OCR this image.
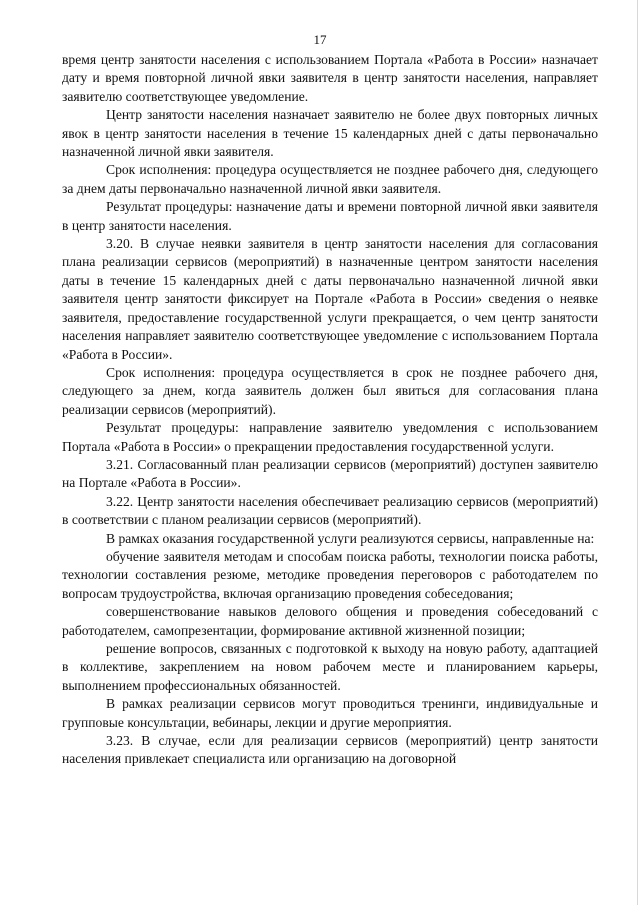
17

время центр занятости населения с использованием Портала «Работа в России» назначает дату и время повторной личной явки заявителя в центр занятости населения, направляет заявителю соответствующее уведомление.

Центр занятости населения назначает заявителю не более двух повторных личных явок в центр занятости населения в течение 15 календарных дней с даты первоначально назначенной личной явки заявителя.

Срок исполнения: процедура осуществляется не позднее рабочего дня, следующего за днем даты первоначально назначенной личной явки заявителя.

Результат процедуры: назначение даты и времени повторной личной явки заявителя в центр занятости населения.

3.20. В случае неявки заявителя в центр занятости населения для согласования плана реализации сервисов (мероприятий) в назначенные центром занятости населения даты в течение 15 календарных дней с даты первоначально назначенной личной явки заявителя центр занятости фиксирует на Портале «Работа в России» сведения о неявке заявителя, предоставление государственной услуги прекращается, о чем центр занятости населения направляет заявителю соответствующее уведомление с использованием Портала «Работа в России».

Срок исполнения: процедура осуществляется в срок не позднее рабочего дня, следующего за днем, когда заявитель должен был явиться для согласования плана реализации сервисов (мероприятий).

Результат процедуры: направление заявителю уведомления с использованием Портала «Работа в России» о прекращении предоставления государственной услуги.

3.21. Согласованный план реализации сервисов (мероприятий) доступен заявителю на Портале «Работа в России».

3.22. Центр занятости населения обеспечивает реализацию сервисов (мероприятий) в соответствии с планом реализации сервисов (мероприятий).

В рамках оказания государственной услуги реализуются сервисы, направленные на:

обучение заявителя методам и способам поиска работы, технологии поиска работы, технологии составления резюме, методике проведения переговоров с работодателем по вопросам трудоустройства, включая организацию проведения собеседования;

совершенствование навыков делового общения и проведения собеседований с работодателем, самопрезентации, формирование активной жизненной позиции;

решение вопросов, связанных с подготовкой к выходу на новую работу, адаптацией в коллективе, закреплением на новом рабочем месте и планированием карьеры, выполнением профессиональных обязанностей.

В рамках реализации сервисов могут проводиться тренинги, индивидуальные и групповые консультации, вебинары, лекции и другие мероприятия.

3.23. В случае, если для реализации сервисов (мероприятий) центр занятости населения привлекает специалиста или организацию на договорной
